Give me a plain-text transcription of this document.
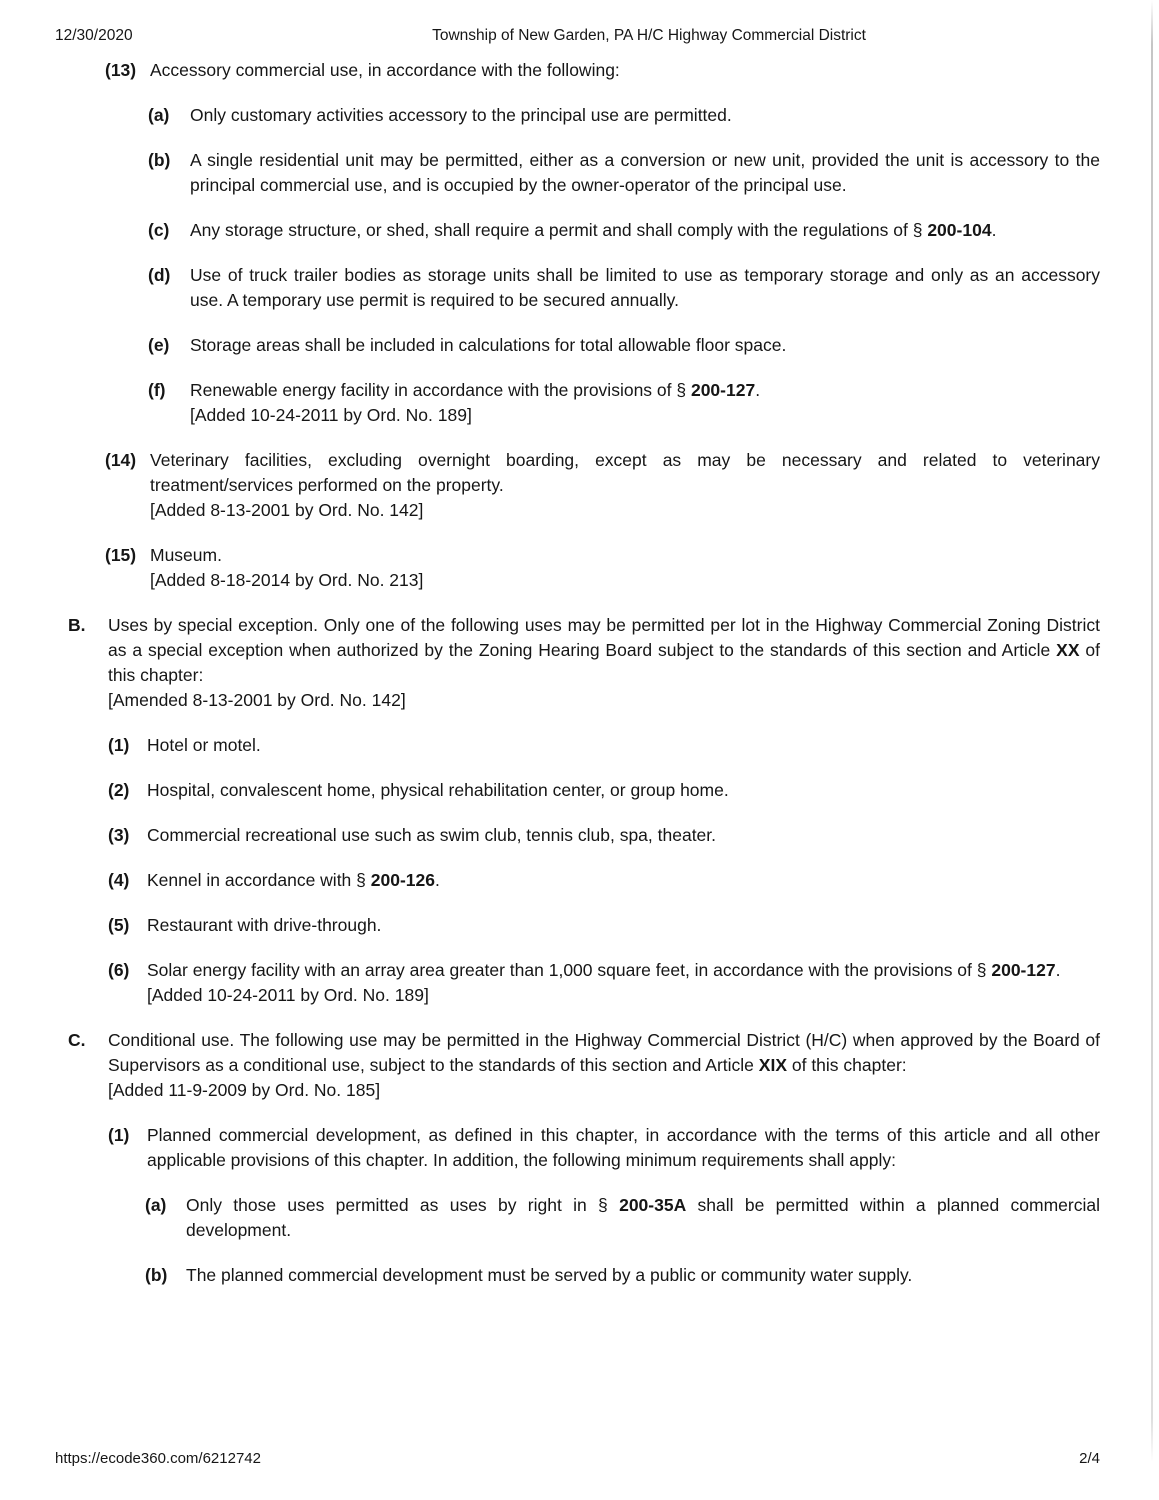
12/30/2020	Township of New Garden, PA H/C Highway Commercial District
(13) Accessory commercial use, in accordance with the following:
(a)	Only customary activities accessory to the principal use are permitted.
(b)	A single residential unit may be permitted, either as a conversion or new unit, provided the unit is accessory to the principal commercial use, and is occupied by the owner-operator of the principal use.
(c)	Any storage structure, or shed, shall require a permit and shall comply with the regulations of § 200-104.
(d)	Use of truck trailer bodies as storage units shall be limited to use as temporary storage and only as an accessory use. A temporary use permit is required to be secured annually.
(e)	Storage areas shall be included in calculations for total allowable floor space.
(f)	Renewable energy facility in accordance with the provisions of § 200-127.
[Added 10-24-2011 by Ord. No. 189]
(14) Veterinary facilities, excluding overnight boarding, except as may be necessary and related to veterinary treatment/services performed on the property.
[Added 8-13-2001 by Ord. No. 142]
(15) Museum.
[Added 8-18-2014 by Ord. No. 213]
B.	Uses by special exception. Only one of the following uses may be permitted per lot in the Highway Commercial Zoning District as a special exception when authorized by the Zoning Hearing Board subject to the standards of this section and Article XX of this chapter:
[Amended 8-13-2001 by Ord. No. 142]
(1)	Hotel or motel.
(2)	Hospital, convalescent home, physical rehabilitation center, or group home.
(3)	Commercial recreational use such as swim club, tennis club, spa, theater.
(4)	Kennel in accordance with § 200-126.
(5)	Restaurant with drive-through.
(6)	Solar energy facility with an array area greater than 1,000 square feet, in accordance with the provisions of § 200-127.
[Added 10-24-2011 by Ord. No. 189]
C.	Conditional use. The following use may be permitted in the Highway Commercial District (H/C) when approved by the Board of Supervisors as a conditional use, subject to the standards of this section and Article XIX of this chapter:
[Added 11-9-2009 by Ord. No. 185]
(1)	Planned commercial development, as defined in this chapter, in accordance with the terms of this article and all other applicable provisions of this chapter. In addition, the following minimum requirements shall apply:
(a)	Only those uses permitted as uses by right in § 200-35A shall be permitted within a planned commercial development.
(b)	The planned commercial development must be served by a public or community water supply.
https://ecode360.com/6212742	2/4
